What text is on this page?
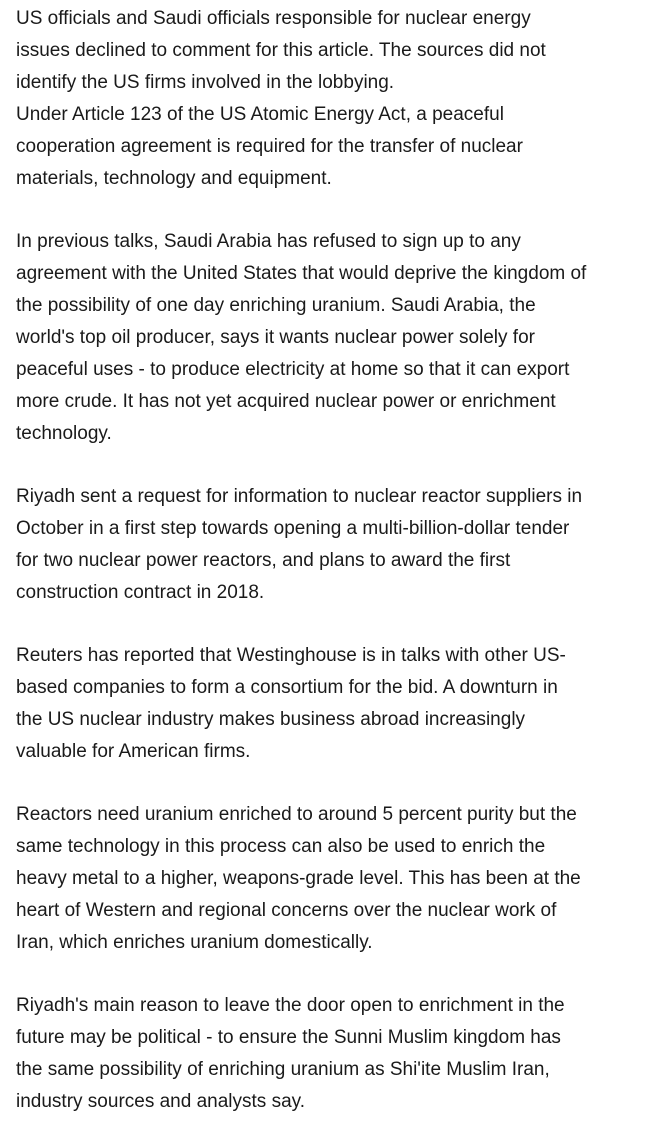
US officials and Saudi officials responsible for nuclear energy
issues declined to comment for this article. The sources did not
identify the US firms involved in the lobbying.

Under Article 123 of the US Atomic Energy Act, a peaceful
cooperation agreement is required for the transfer of nuclear
materials, technology and equipment.

In previous talks, Saudi Arabia has refused to sign up to any
agreement with the United States that would deprive the kingdom of
the possibility of one day enriching uranium. Saudi Arabia, the
world's top oil producer, says it wants nuclear power solely for
peaceful uses - to produce electricity at home so that it can export
more crude. It has not yet acquired nuclear power or enrichment
technology.

Riyadh sent a request for information to nuclear reactor suppliers in
October in a first step towards opening a multi-billion-dollar tender
for two nuclear power reactors, and plans to award the first
construction contract in 2018.

Reuters has reported that Westinghouse is in talks with other US-
based companies to form a consortium for the bid. A downturn in
the US nuclear industry makes business abroad increasingly
valuable for American firms.

Reactors need uranium enriched to around 5 percent purity but the
same technology in this process can also be used to enrich the
heavy metal to a higher, weapons-grade level. This has been at the
heart of Western and regional concerns over the nuclear work of
Iran, which enriches uranium domestically.

Riyadh's main reason to leave the door open to enrichment in the
future may be political - to ensure the Sunni Muslim kingdom has
the same possibility of enriching uranium as Shi'ite Muslim Iran,
industry sources and analysts say.
